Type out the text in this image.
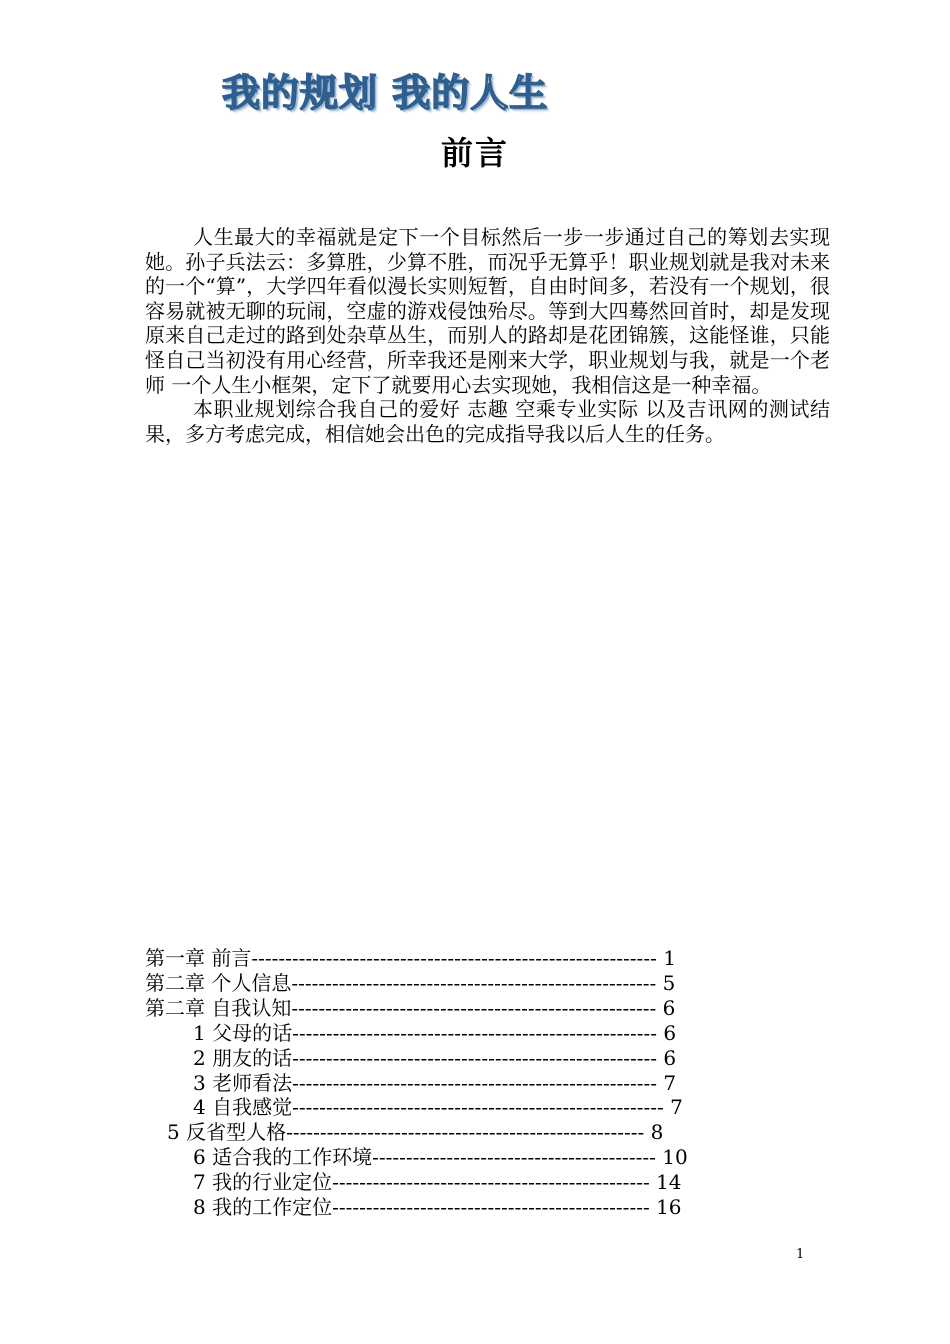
我的规划 我的人生
前言

人生最大的幸福就是定下一个目标然后一步一步通过自己的筹划去实现她。孙子兵法云：多算胜，少算不胜，而况乎无算乎！职业规划就是我对未来的一个“算”，大学四年看似漫长实则短暂，自由时间多，若没有一个规划，很容易就被无聊的玩闹，空虚的游戏侵蚀殆尽。等到大四蓦然回首时，却是发现原来自己走过的路到处杂草丛生，而别人的路却是花团锦簇，这能怪谁，只能怪自己当初没有用心经营，所幸我还是刚来大学，职业规划与我，就是一个老师 一个人生小框架，定下了就要用心去实现她，我相信这是一种幸福。

本职业规划综合我自己的爱好 志趣 空乘专业实际 以及吉讯网的测试结果，多方考虑完成，相信她会出色的完成指导我以后人生的任务。

第一章 前言------------------------------------------------------------ 1
第二章 个人信息------------------------------------------------------ 5
第二章 自我认知------------------------------------------------------ 6
1 父母的话------------------------------------------------------ 6
2 朋友的话------------------------------------------------------ 6
3 老师看法------------------------------------------------------ 7
4 自我感觉------------------------------------------------------- 7
5 反省型人格----------------------------------------------------- 8
6 适合我的工作环境------------------------------------------ 10
7 我的行业定位----------------------------------------------- 14
8 我的工作定位----------------------------------------------- 16
1
